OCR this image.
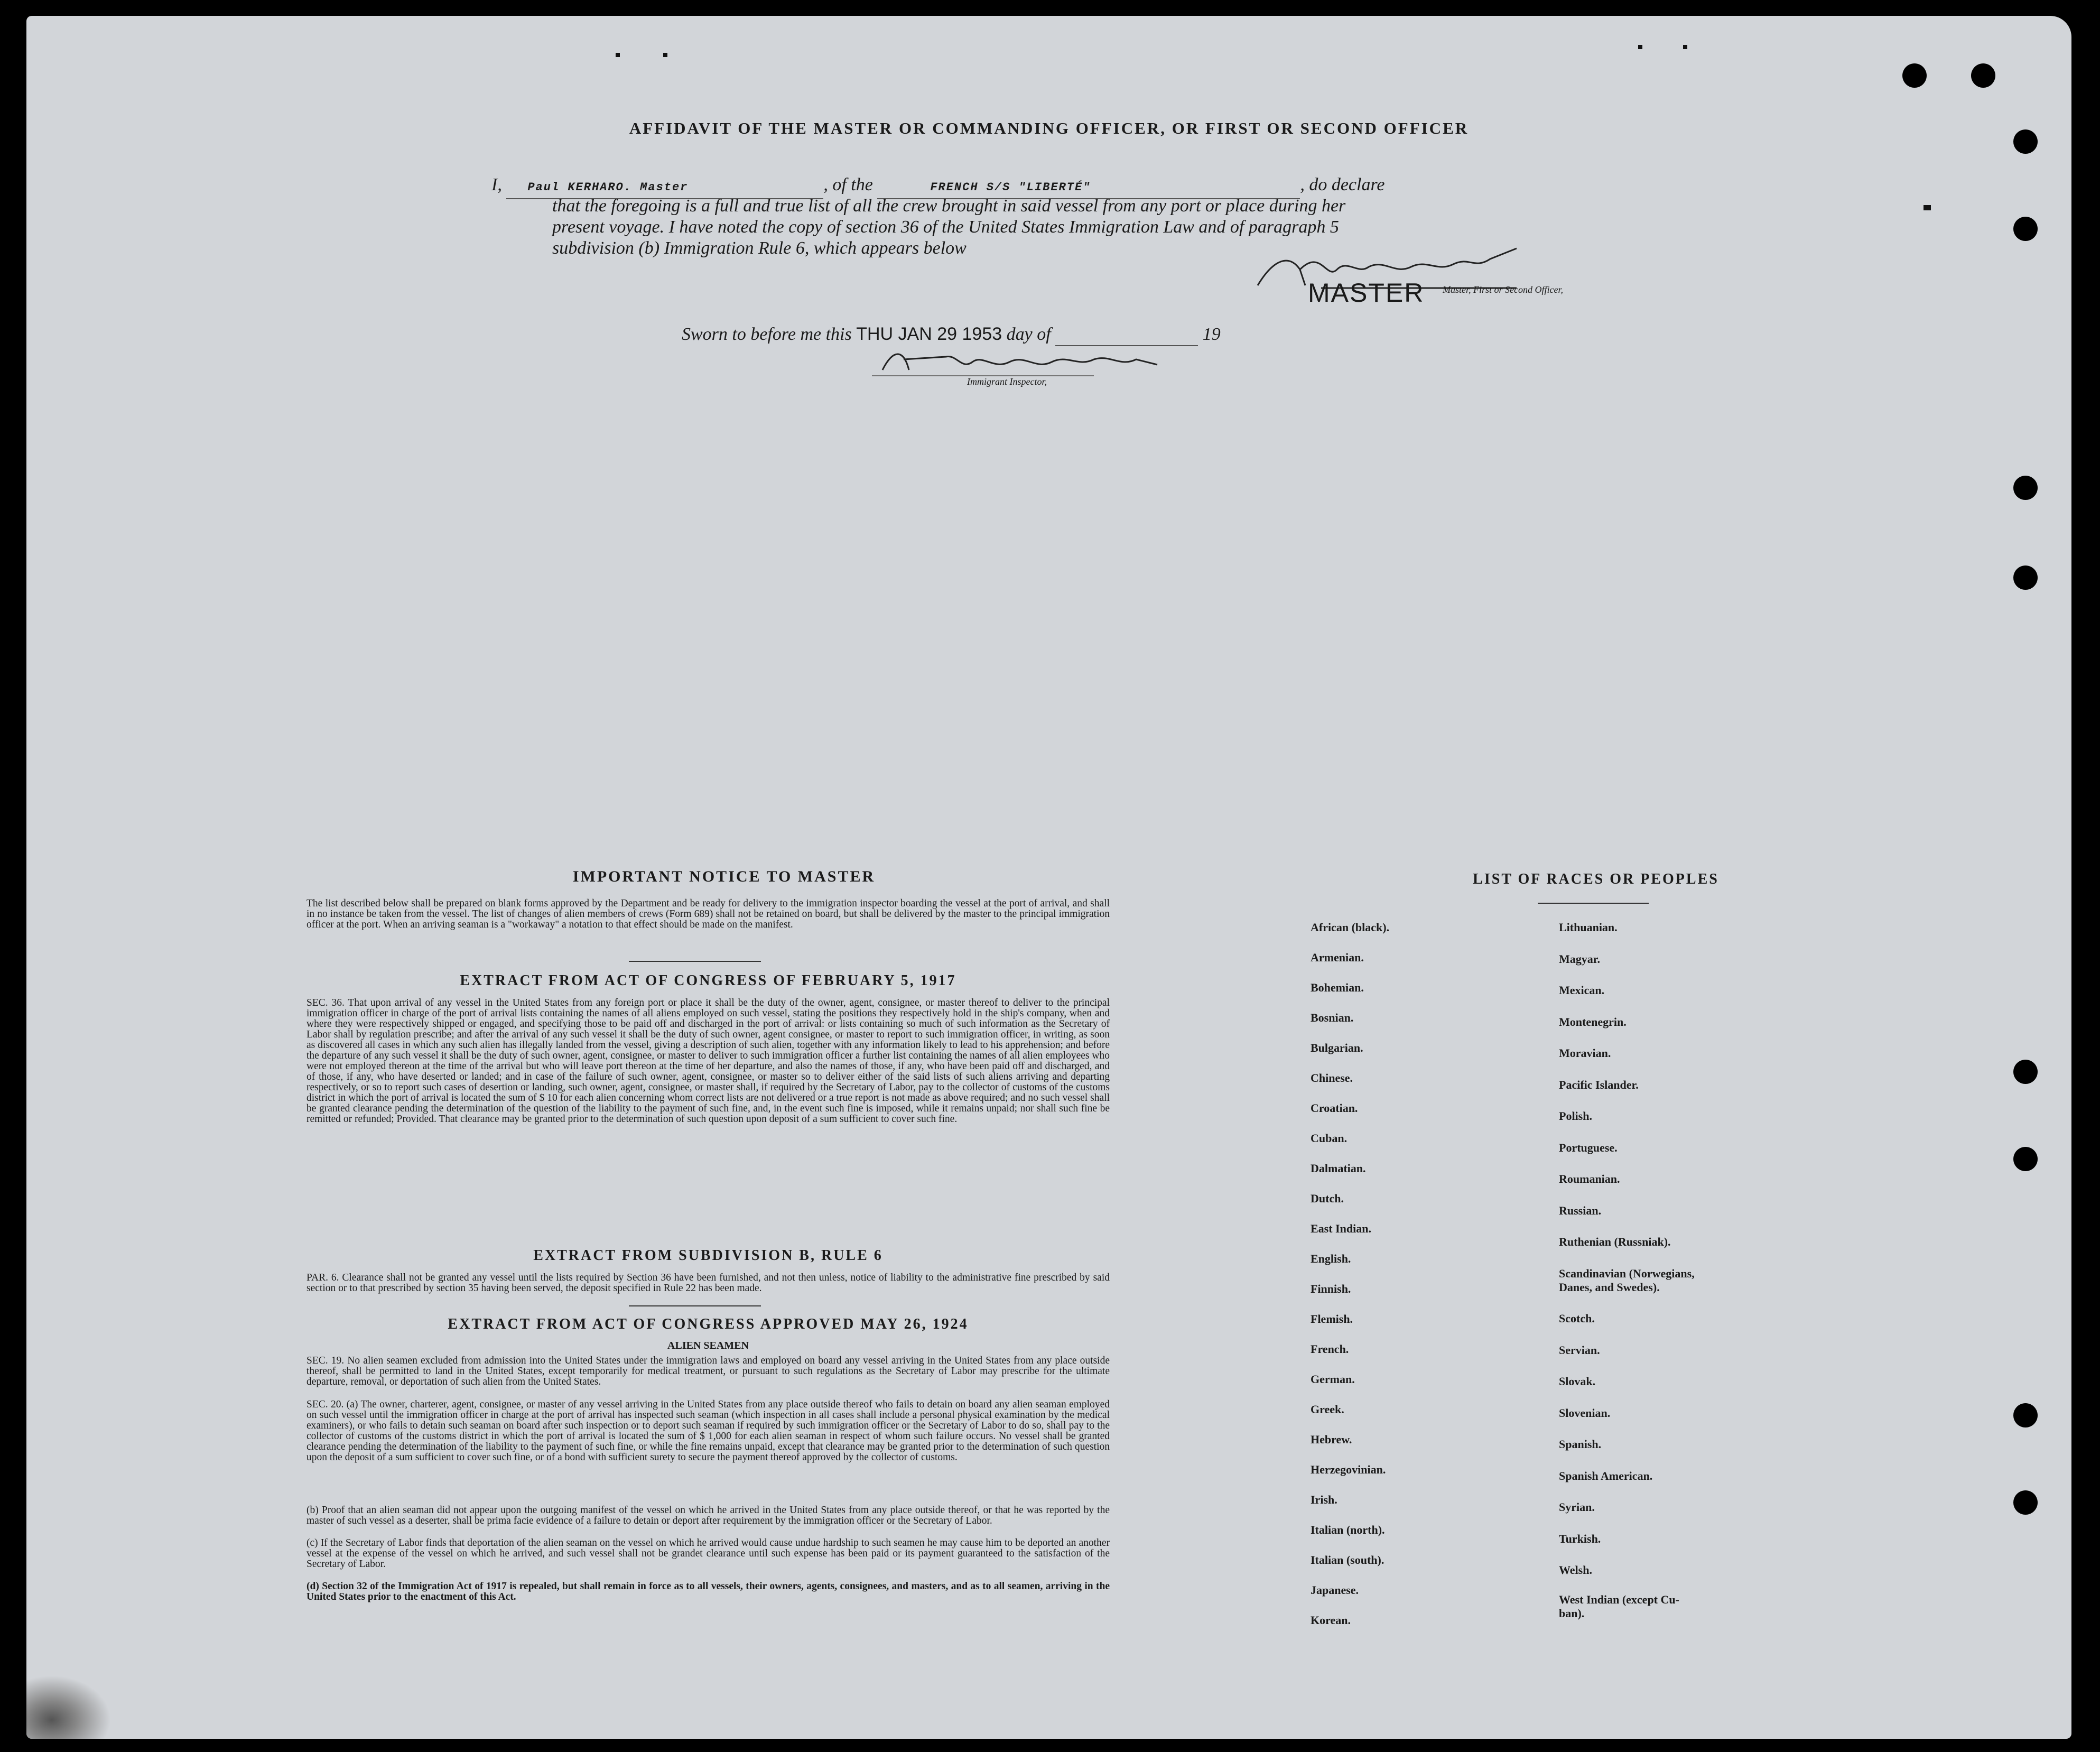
AFFIDAVIT OF THE MASTER OR COMMANDING OFFICER, OR FIRST OR SECOND OFFICER
I, Paul KERHARO. Master	, of the	FRENCH S/S "LIBERTÉ"	, do declare
that the foregoing is a full and true list of all the crew brought in said vessel from any port or place during her
present voyage. I have noted the copy of section 36 of the United States Immigration Law and of paragraph 5
subdivision (b) Immigration Rule 6, which appears below
MASTER Master, First or Second Officer,
Sworn to before me this THU JAN 29 1953 day of	19
Immigrant Inspector,
IMPORTANT NOTICE TO MASTER
The list described below shall be prepared on blank forms approved by the Department and be ready for delivery to the immigration inspector boarding the vessel at the port of arrival, and shall in no instance be taken from the vessel. The list of changes of alien members of crews (Form 689) shall not be retained on board, but shall be delivered by the master to the principal immigration officer at the port. When an arriving seaman is a "workaway" a notation to that effect should be made on the manifest.
EXTRACT FROM ACT OF CONGRESS OF FEBRUARY 5, 1917
SEC. 36. That upon arrival of any vessel in the United States from any foreign port or place it shall be the duty of the owner, agent, consignee, or master thereof to deliver to the principal immigration officer in charge of the port of arrival lists containing the names of all aliens employed on such vessel, stating the positions they respectively hold in the ship's company, when and where they were respectively shipped or engaged, and specifying those to be paid off and discharged in the port of arrival: or lists containing so much of such information as the Secretary of Labor shall by regulation prescribe; and after the arrival of any such vessel it shall be the duty of such owner, agent consignee, or master to report to such immigration officer, in writing, as soon as discovered all cases in which any such alien has illegally landed from the vessel, giving a description of such alien, together with any information likely to lead to his apprehension; and before the departure of any such vessel it shall be the duty of such owner, agent, consignee, or master to deliver to such immigration officer a further list containing the names of all alien employees who were not employed thereon at the time of the arrival but who will leave port thereon at the time of her departure, and also the names of those, if any, who have been paid off and discharged, and of those, if any, who have deserted or landed; and in case of the failure of such owner, agent, consignee, or master so to deliver either of the said lists of such aliens arriving and departing respectively, or so to report such cases of desertion or landing, such owner, agent, consignee, or master shall, if required by the Secretary of Labor, pay to the collector of customs of the customs district in which the port of arrival is located the sum of $ 10 for each alien concerning whom correct lists are not delivered or a true report is not made as above required; and no such vessel shall be granted clearance pending the determination of the question of the liability to the payment of such fine, and, in the event such fine is imposed, while it remains unpaid; nor shall such fine be remitted or refunded; Provided. That clearance may be granted prior to the determination of such question upon deposit of a sum sufficient to cover such fine.
EXTRACT FROM SUBDIVISION B, RULE 6
PAR. 6. Clearance shall not be granted any vessel until the lists required by Section 36 have been furnished, and not then unless, notice of liability to the administrative fine prescribed by said section or to that prescribed by section 35 having been served, the deposit specified in Rule 22 has been made.
EXTRACT FROM ACT OF CONGRESS APPROVED MAY 26, 1924
ALIEN SEAMEN
SEC. 19. No alien seamen excluded from admission into the United States under the immigration laws and employed on board any vessel arriving in the United States from any place outside thereof, shall be permitted to land in the United States, except temporarily for medical treatment, or pursuant to such regulations as the Secretary of Labor may prescribe for the ultimate departure, removal, or deportation of such alien from the United States.
SEC. 20. (a) The owner, charterer, agent, consignee, or master of any vessel arriving in the United States from any place outside thereof who fails to detain on board any alien seaman employed on such vessel until the immigration officer in charge at the port of arrival has inspected such seaman (which inspection in all cases shall include a personal physical examination by the medical examiners), or who fails to detain such seaman on board after such inspection or to deport such seaman if required by such immigration officer or the Secretary of Labor to do so, shall pay to the collector of customs of the customs district in which the port of arrival is located the sum of $ 1,000 for each alien seaman in respect of whom such failure occurs. No vessel shall be granted clearance pending the determination of the liability to the payment of such fine, or while the fine remains unpaid, except that clearance may be granted prior to the determination of such question upon the deposit of a sum sufficient to cover such fine, or of a bond with sufficient surety to secure the payment thereof approved by the collector of customs.
(b) Proof that an alien seaman did not appear upon the outgoing manifest of the vessel on which he arrived in the United States from any place outside thereof, or that he was reported by the master of such vessel as a deserter, shall be prima facie evidence of a failure to detain or deport after requirement by the immigration officer or the Secretary of Labor.
(c) If the Secretary of Labor finds that deportation of the alien seaman on the vessel on which he arrived would cause undue hardship to such seamen he may cause him to be deported an another vessel at the expense of the vessel on which he arrived, and such vessel shall not be grandet clearance until such expense has been paid or its payment guaranteed to the satisfaction of the Secretary of Labor.
(d) Section 32 of the Immigration Act of 1917 is repealed, but shall remain in force as to all vessels, their owners, agents, consignees, and masters, and as to all seamen, arriving in the United States prior to the enactment of this Act.
LIST OF RACES OR PEOPLES
African (black).
Armenian.
Bohemian.
Bosnian.
Bulgarian.
Chinese.
Croatian.
Cuban.
Dalmatian.
Dutch.
East Indian.
English.
Finnish.
Flemish.
French.
German.
Greek.
Hebrew.
Herzegovinian.
Irish.
Italian (north).
Italian (south).
Japanese.
Korean.
Lithuanian.
Magyar.
Mexican.
Montenegrin.
Moravian.
Pacific Islander.
Polish.
Portuguese.
Roumanian.
Russian.
Ruthenian (Russniak).
Scandinavian (Norwegians,
Danes, and Swedes).
Scotch.
Servian.
Slovak.
Slovenian.
Spanish.
Spanish American.
Syrian.
Turkish.
Welsh.
West Indian (except Cu-
ban).
